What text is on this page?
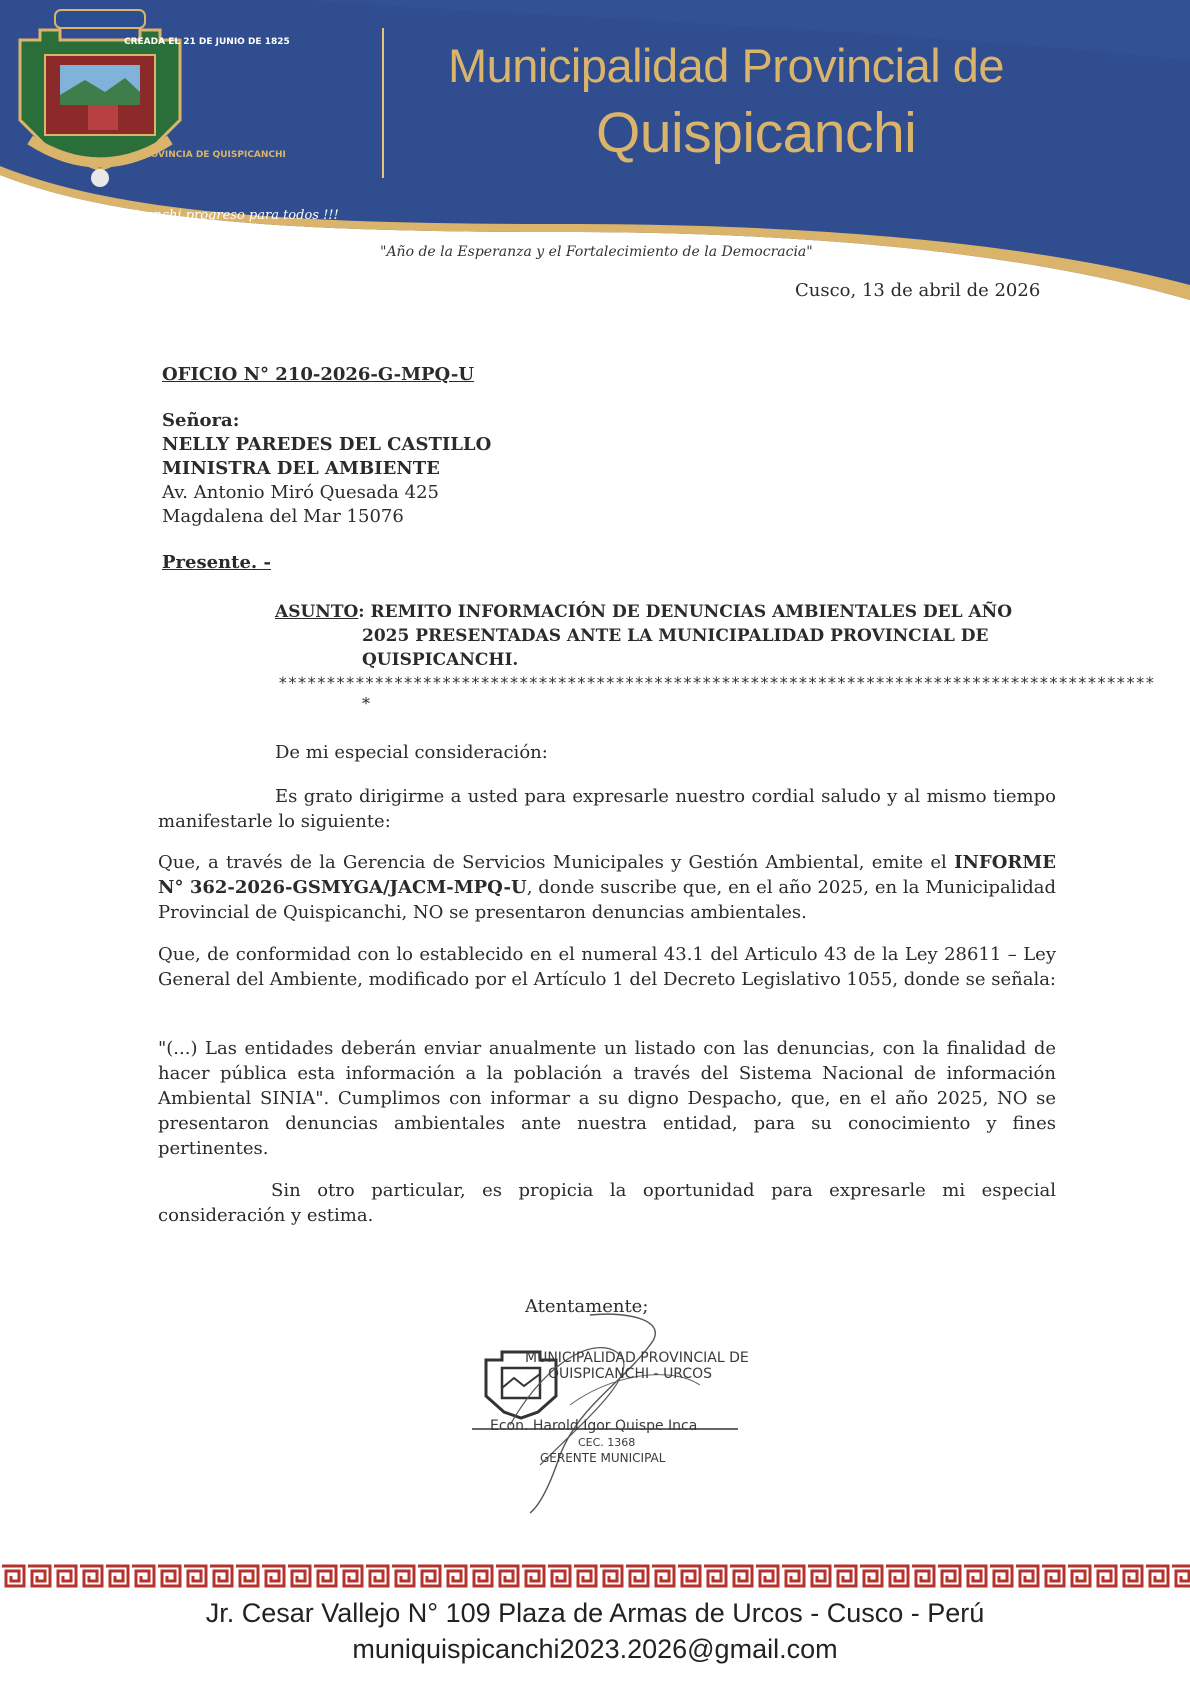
CREADA EL 21 DE JUNIO DE 1825
PROVINCIA DE QUISPICANCHI
Quispicanchi progreso para todos !!!
Municipalidad Provincial de
Quispicanchi
"Año de la Esperanza y el Fortalecimiento de la Democracia"
Cusco, 13 de abril de 2026
OFICIO N° 210-2026-G-MPQ-U
Señora:
NELLY PAREDES DEL CASTILLO
MINISTRA DEL AMBIENTE
Av. Antonio Miró Quesada 425
Magdalena del Mar 15076
Presente. -
ASUNTO: REMITO INFORMACIÓN DE DENUNCIAS AMBIENTALES DEL AÑO
2025 PRESENTADAS ANTE LA MUNICIPALIDAD PROVINCIAL DE
QUISPICANCHI.
*******************************************************************************************
*
De mi especial consideración:
Es grato dirigirme a usted para expresarle nuestro cordial saludo y al mismo tiempo manifestarle lo siguiente:
Que, a través de la Gerencia de Servicios Municipales y Gestión Ambiental, emite el INFORME N° 362-2026-GSMYGA/JACM-MPQ-U, donde suscribe que, en el año 2025, en la Municipalidad Provincial de Quispicanchi, NO se presentaron denuncias ambientales.
Que, de conformidad con lo establecido en el numeral 43.1 del Articulo 43 de la Ley 28611 – Ley General del Ambiente, modificado por el Artículo 1 del Decreto Legislativo 1055, donde se señala:
"(...) Las entidades deberán enviar anualmente un listado con las denuncias, con la finalidad de hacer pública esta información a la población a través del Sistema Nacional de información Ambiental SINIA". Cumplimos con informar a su digno Despacho, que, en el año 2025, NO se presentaron denuncias ambientales ante nuestra entidad, para su conocimiento y fines pertinentes.
Sin otro particular, es propicia la oportunidad para expresarle mi especial consideración y estima.
Atentamente;
MUNICIPALIDAD PROVINCIAL DE
QUISPICANCHI - URCOS
Econ. Harold Igor Quispe Inca
CEC. 1368
GERENTE MUNICIPAL
Jr. Cesar Vallejo N° 109 Plaza de Armas de Urcos - Cusco - Perú
muniquispicanchi2023.2026@gmail.com
